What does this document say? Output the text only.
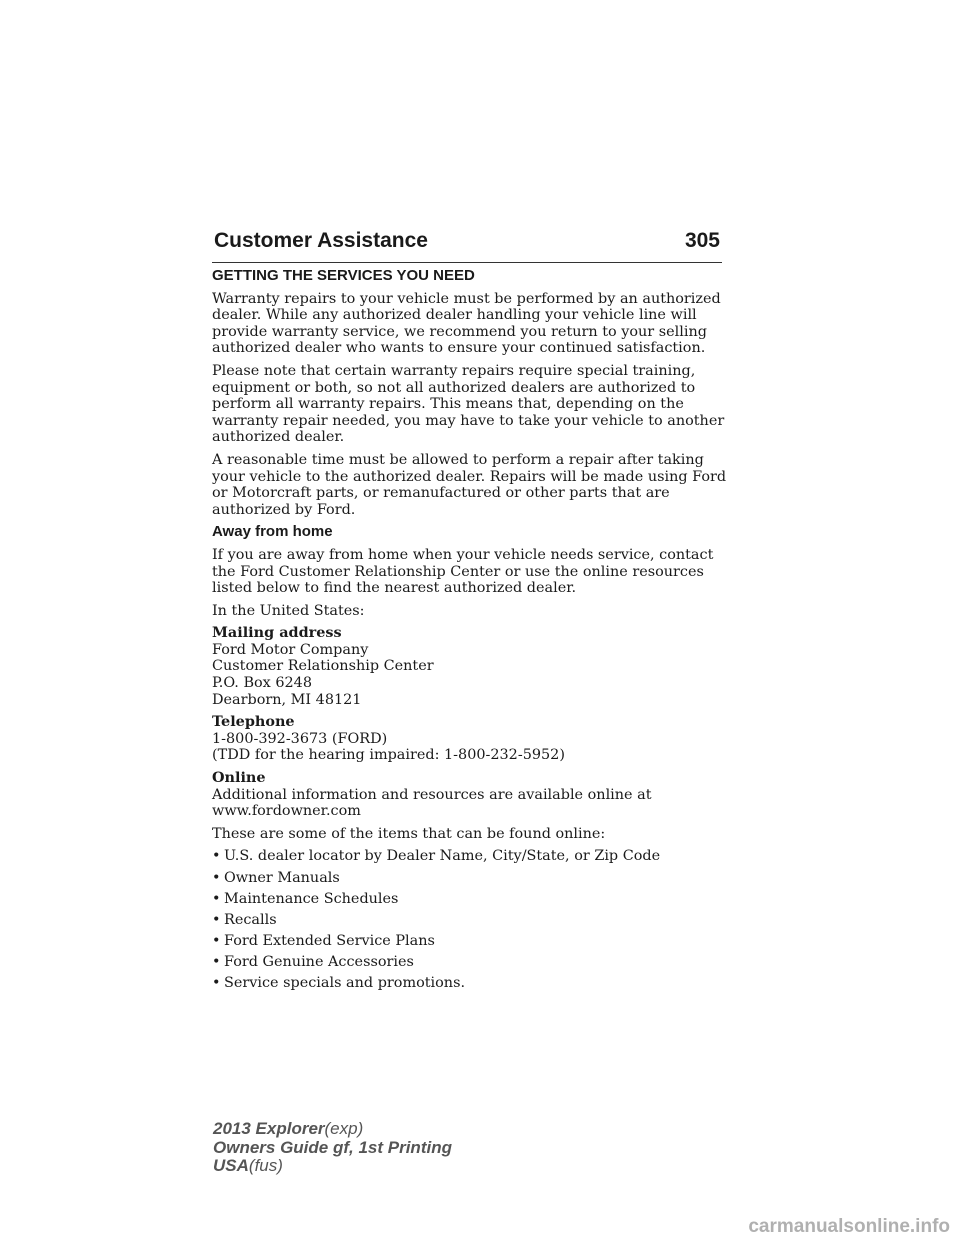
Customer Assistance	305

GETTING THE SERVICES YOU NEED

Warranty repairs to your vehicle must be performed by an authorized dealer. While any authorized dealer handling your vehicle line will provide warranty service, we recommend you return to your selling authorized dealer who wants to ensure your continued satisfaction.

Please note that certain warranty repairs require special training, equipment or both, so not all authorized dealers are authorized to perform all warranty repairs. This means that, depending on the warranty repair needed, you may have to take your vehicle to another authorized dealer.

A reasonable time must be allowed to perform a repair after taking your vehicle to the authorized dealer. Repairs will be made using Ford or Motorcraft parts, or remanufactured or other parts that are authorized by Ford.

Away from home

If you are away from home when your vehicle needs service, contact the Ford Customer Relationship Center or use the online resources listed below to find the nearest authorized dealer.

In the United States:

Mailing address
Ford Motor Company
Customer Relationship Center
P.O. Box 6248
Dearborn, MI 48121
Telephone
1-800-392-3673 (FORD)
(TDD for the hearing impaired: 1-800-232-5952)
Online
Additional information and resources are available online at
www.fordowner.com

These are some of the items that can be found online:

• U.S. dealer locator by Dealer Name, City/State, or Zip Code
• Owner Manuals
• Maintenance Schedules
• Recalls
• Ford Extended Service Plans
• Ford Genuine Accessories
• Service specials and promotions.
2013 Explorer(exp)
Owners Guide gf, 1st Printing
USA(fus)
carmanualsonline.info
